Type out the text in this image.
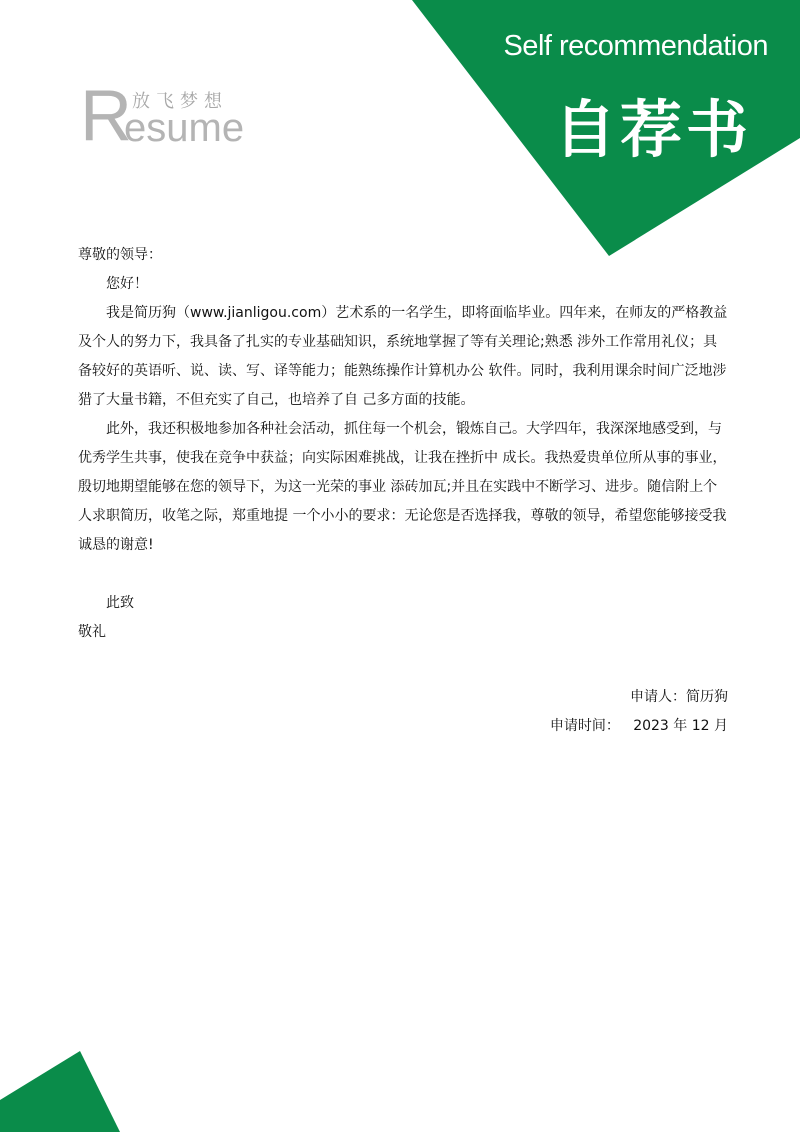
Self recommendation
自荐书
R 放飞梦想
esume

尊敬的领导：

您好！

我是简历狗（www.jianligou.com）艺术系的一名学生，即将面临毕业。四年来，在师友的严格教益及个人的努力下，我具备了扎实的专业基础知识，系统地掌握了等有关理论;熟悉 涉外工作常用礼仪；具备较好的英语听、说、读、写、译等能力；能熟练操作计算机办公 软件。同时，我利用课余时间广泛地涉猎了大量书籍，不但充实了自己，也培养了自 己多方面的技能。

此外，我还积极地参加各种社会活动，抓住每一个机会，锻炼自己。大学四年，我深深地感受到，与优秀学生共事，使我在竞争中获益；向实际困难挑战，让我在挫折中 成长。我热爱贵单位所从事的事业，殷切地期望能够在您的领导下，为这一光荣的事业 添砖加瓦;并且在实践中不断学习、进步。随信附上个人求职简历，收笔之际，郑重地提 一个小小的要求：无论您是否选择我，尊敬的领导，希望您能够接受我诚恳的谢意!

此致

敬礼

申请人：简历狗
申请时间：   2023 年 12 月
